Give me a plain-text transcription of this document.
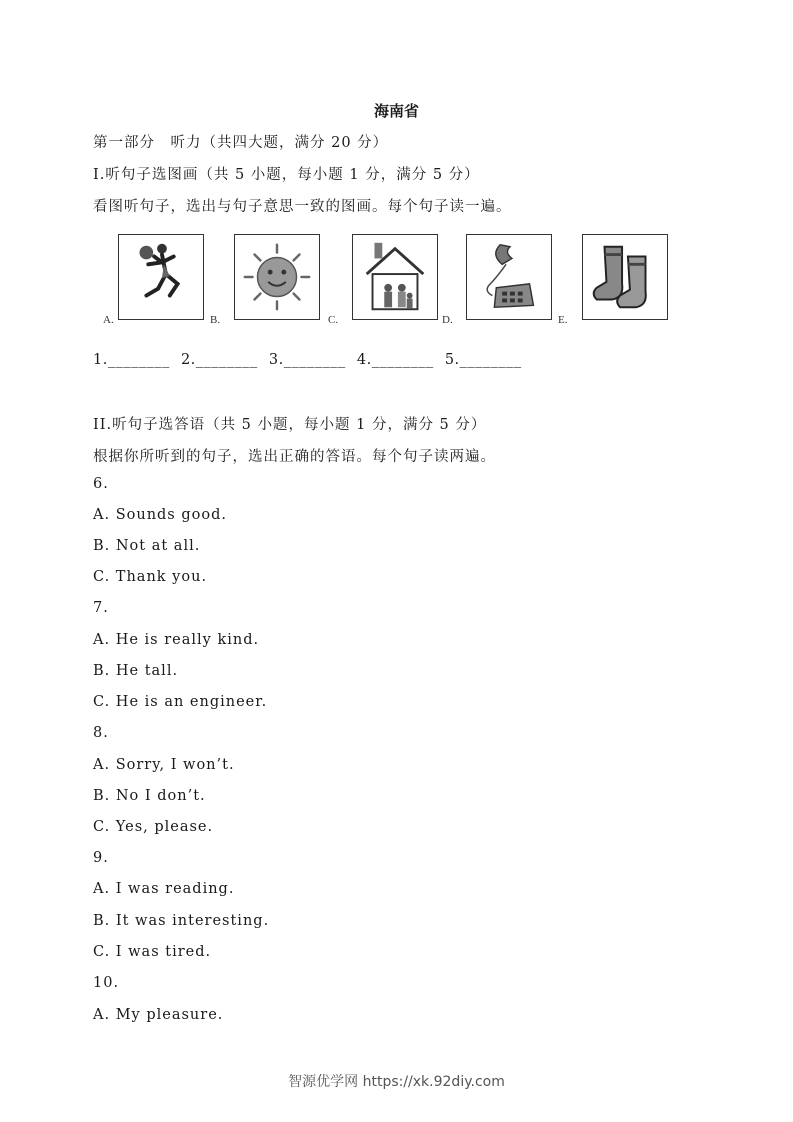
海南省
第一部分　听力（共四大题，满分 20 分）
I.听句子选图画（共 5 小题，每小题 1 分，满分 5 分）
看图听句子，选出与句子意思一致的图画。每个句子读一遍。
A.	B.	C.	D.	E.
1.________ 2.________ 3.________ 4.________ 5.________
II.听句子选答语（共 5 小题，每小题 1 分，满分 5 分）
根据你所听到的句子，选出正确的答语。每个句子读两遍。
6.
A. Sounds good.
B. Not at all.
C. Thank you.
7.
A. He is really kind.
B. He tall.
C. He is an engineer.
8.
A. Sorry, I won’t.
B. No I don’t.
C. Yes, please.
9.
A. I was reading.
B. It was interesting.
C. I was tired.
10.
A. My pleasure.
智源优学网 https://xk.92diy.com
